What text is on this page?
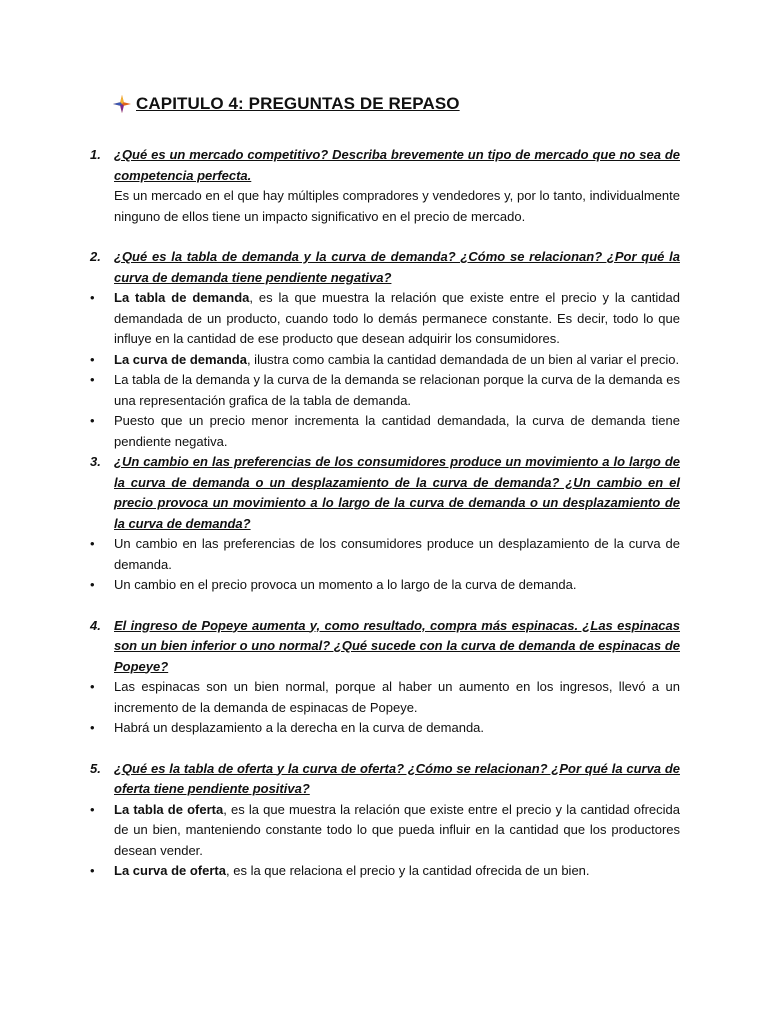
CAPITULO 4: PREGUNTAS DE REPASO
1. ¿Qué es un mercado competitivo? Describa brevemente un tipo de mercado que no sea de competencia perfecta.
Es un mercado en el que hay múltiples compradores y vendedores y, por lo tanto, individualmente ninguno de ellos tiene un impacto significativo en el precio de mercado.
2. ¿Qué es la tabla de demanda y la curva de demanda? ¿Cómo se relacionan? ¿Por qué la curva de demanda tiene pendiente negativa?
• La tabla de demanda, es la que muestra la relación que existe entre el precio y la cantidad demandada de un producto, cuando todo lo demás permanece constante. Es decir, todo lo que influye en la cantidad de ese producto que desean adquirir los consumidores.
• La curva de demanda, ilustra como cambia la cantidad demandada de un bien al variar el precio.
• La tabla de la demanda y la curva de la demanda se relacionan porque la curva de la demanda es una representación grafica de la tabla de demanda.
• Puesto que un precio menor incrementa la cantidad demandada, la curva de demanda tiene pendiente negativa.
3. ¿Un cambio en las preferencias de los consumidores produce un movimiento a lo largo de la curva de demanda o un desplazamiento de la curva de demanda? ¿Un cambio en el precio provoca un movimiento a lo largo de la curva de demanda o un desplazamiento de la curva de demanda?
• Un cambio en las preferencias de los consumidores produce un desplazamiento de la curva de demanda.
• Un cambio en el precio provoca un momento a lo largo de la curva de demanda.
4. El ingreso de Popeye aumenta y, como resultado, compra más espinacas. ¿Las espinacas son un bien inferior o uno normal? ¿Qué sucede con la curva de demanda de espinacas de Popeye?
• Las espinacas son un bien normal, porque al haber un aumento en los ingresos, llevó a un incremento de la demanda de espinacas de Popeye.
• Habrá un desplazamiento a la derecha en la curva de demanda.
5. ¿Qué es la tabla de oferta y la curva de oferta? ¿Cómo se relacionan? ¿Por qué la curva de oferta tiene pendiente positiva?
• La tabla de oferta, es la que muestra la relación que existe entre el precio y la cantidad ofrecida de un bien, manteniendo constante todo lo que pueda influir en la cantidad que los productores desean vender.
• La curva de oferta, es la que relaciona el precio y la cantidad ofrecida de un bien.
